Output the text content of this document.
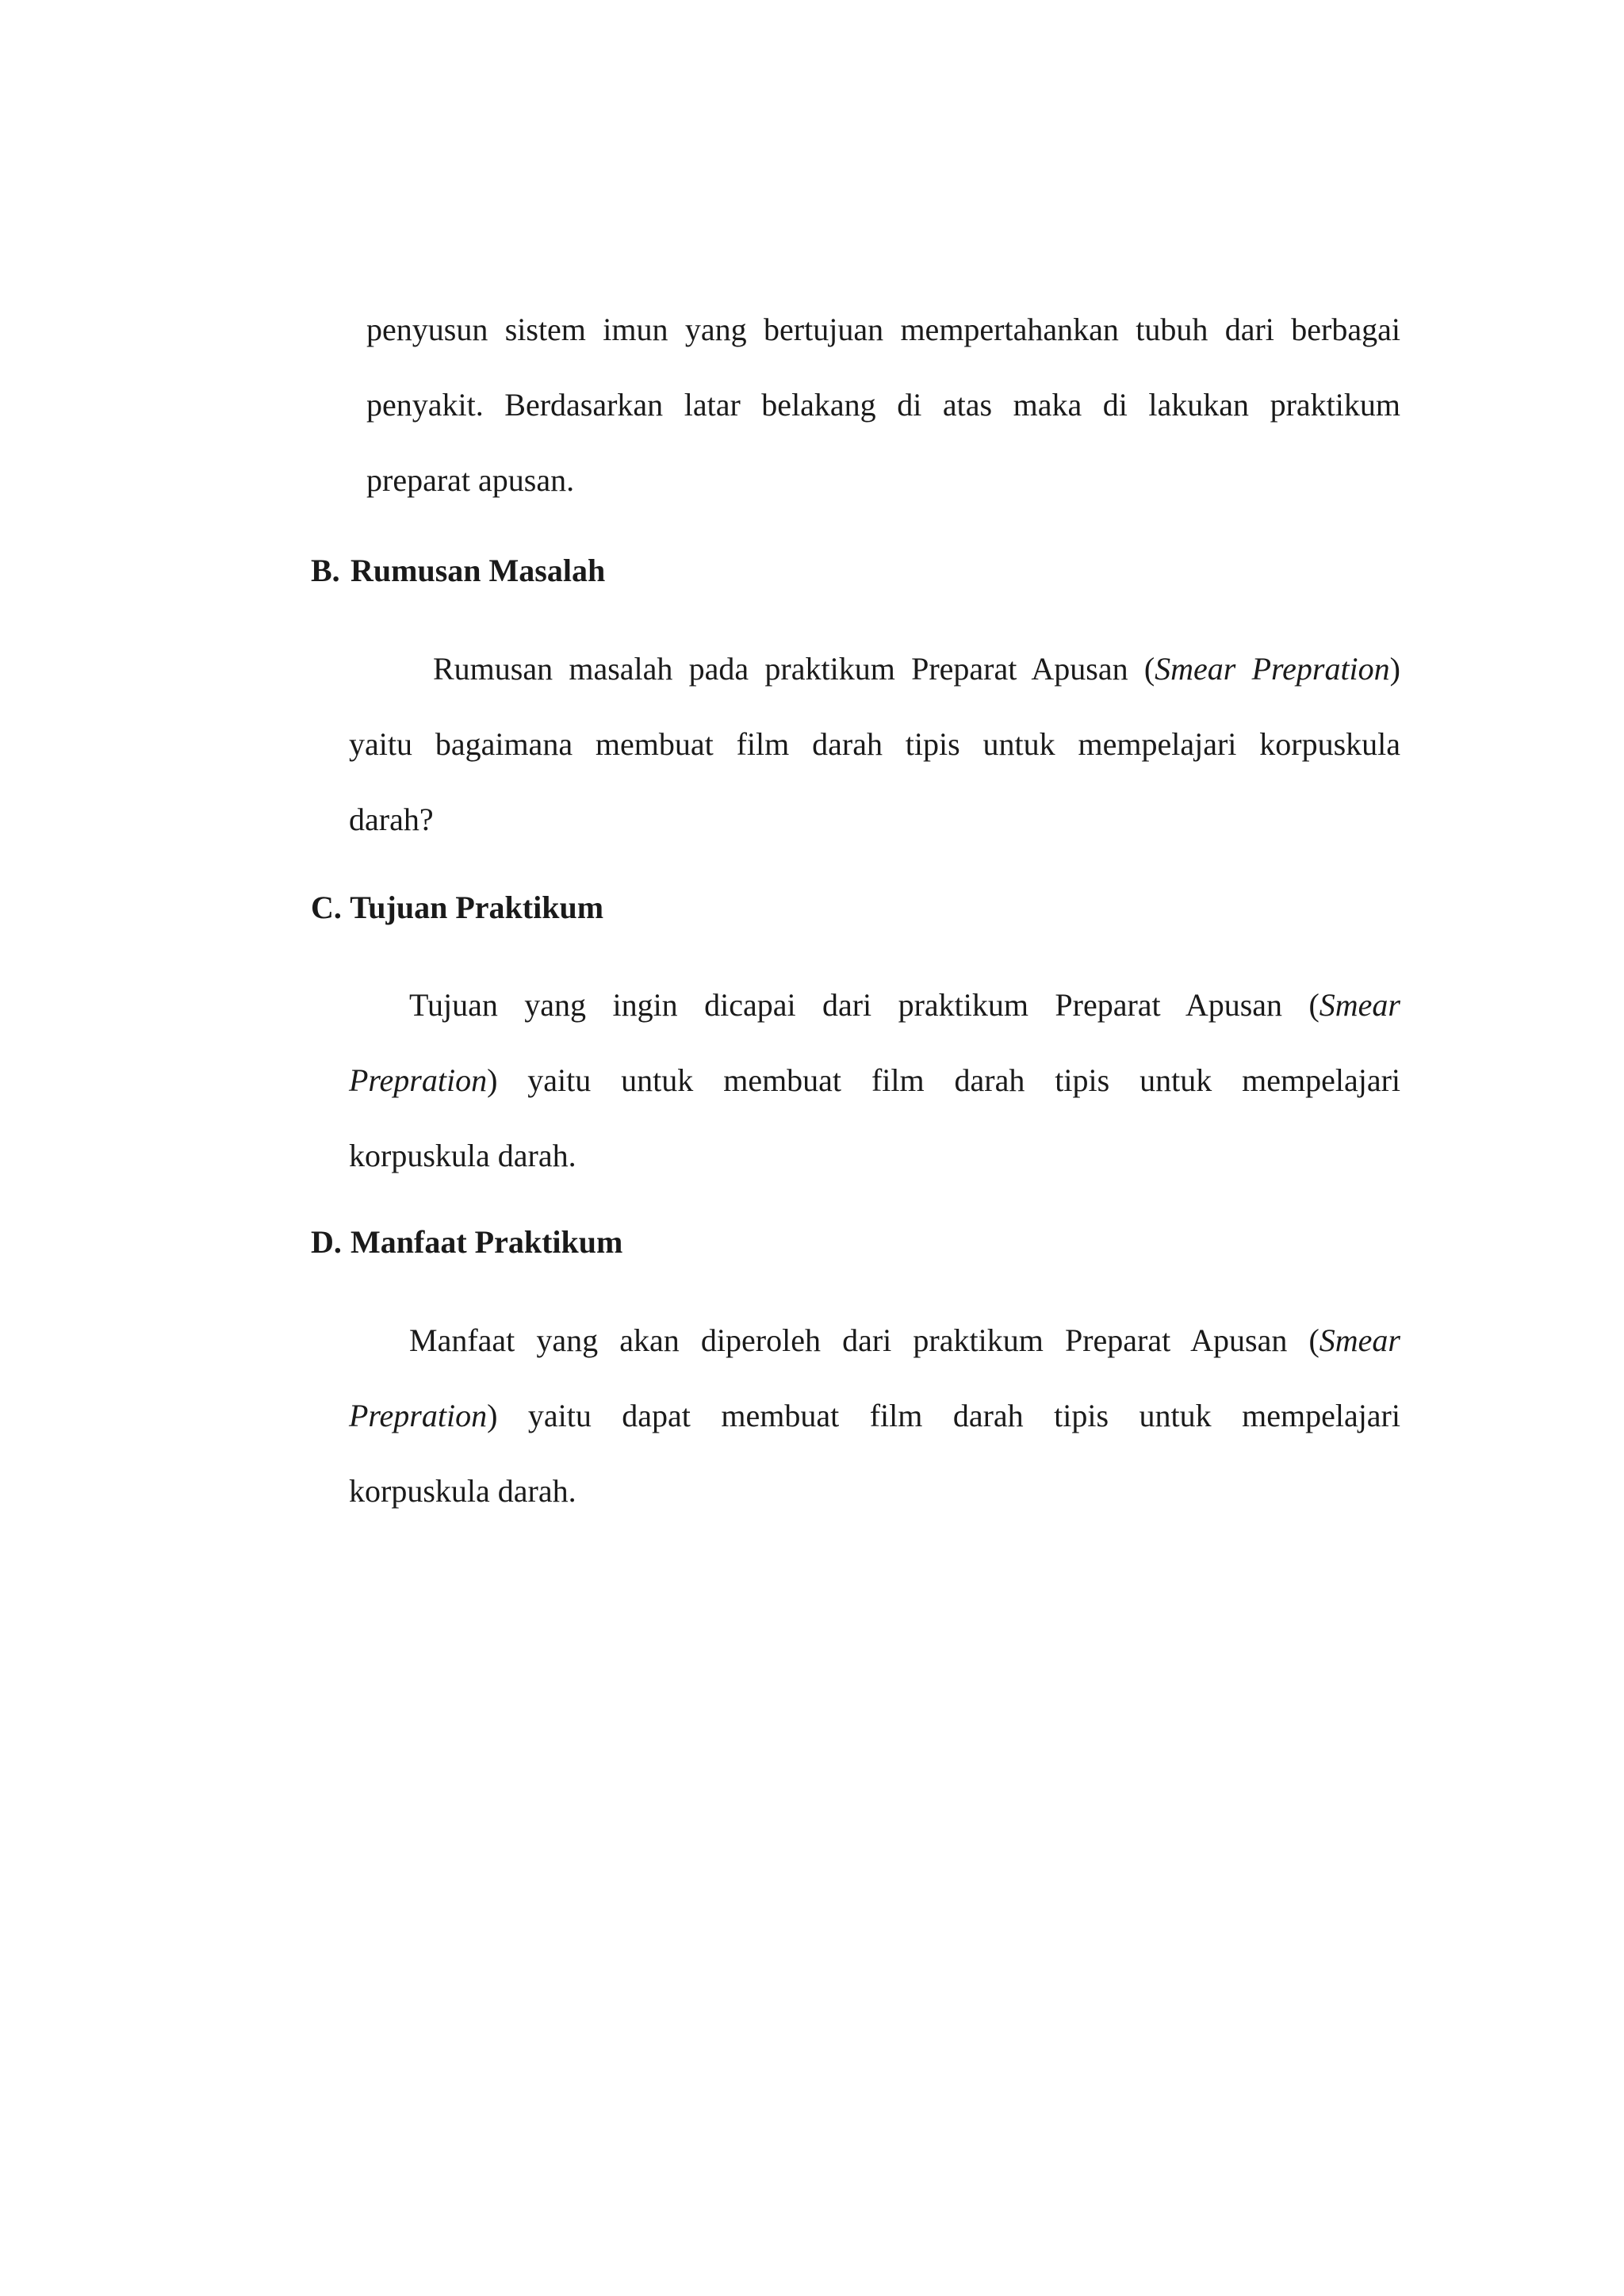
penyusun sistem imun yang bertujuan mempertahankan tubuh dari berbagai
penyakit. Berdasarkan latar belakang di atas maka di lakukan praktikum
preparat apusan.
B. Rumusan Masalah
Rumusan masalah pada praktikum Preparat Apusan (Smear Prepration)
yaitu bagaimana membuat film darah tipis untuk mempelajari korpuskula
darah?
C. Tujuan Praktikum
Tujuan yang ingin dicapai dari praktikum Preparat Apusan (Smear
Prepration) yaitu untuk membuat film darah tipis untuk mempelajari
korpuskula darah.
D. Manfaat Praktikum
Manfaat yang akan diperoleh dari praktikum Preparat Apusan (Smear
Prepration) yaitu dapat membuat film darah tipis untuk mempelajari
korpuskula darah.
